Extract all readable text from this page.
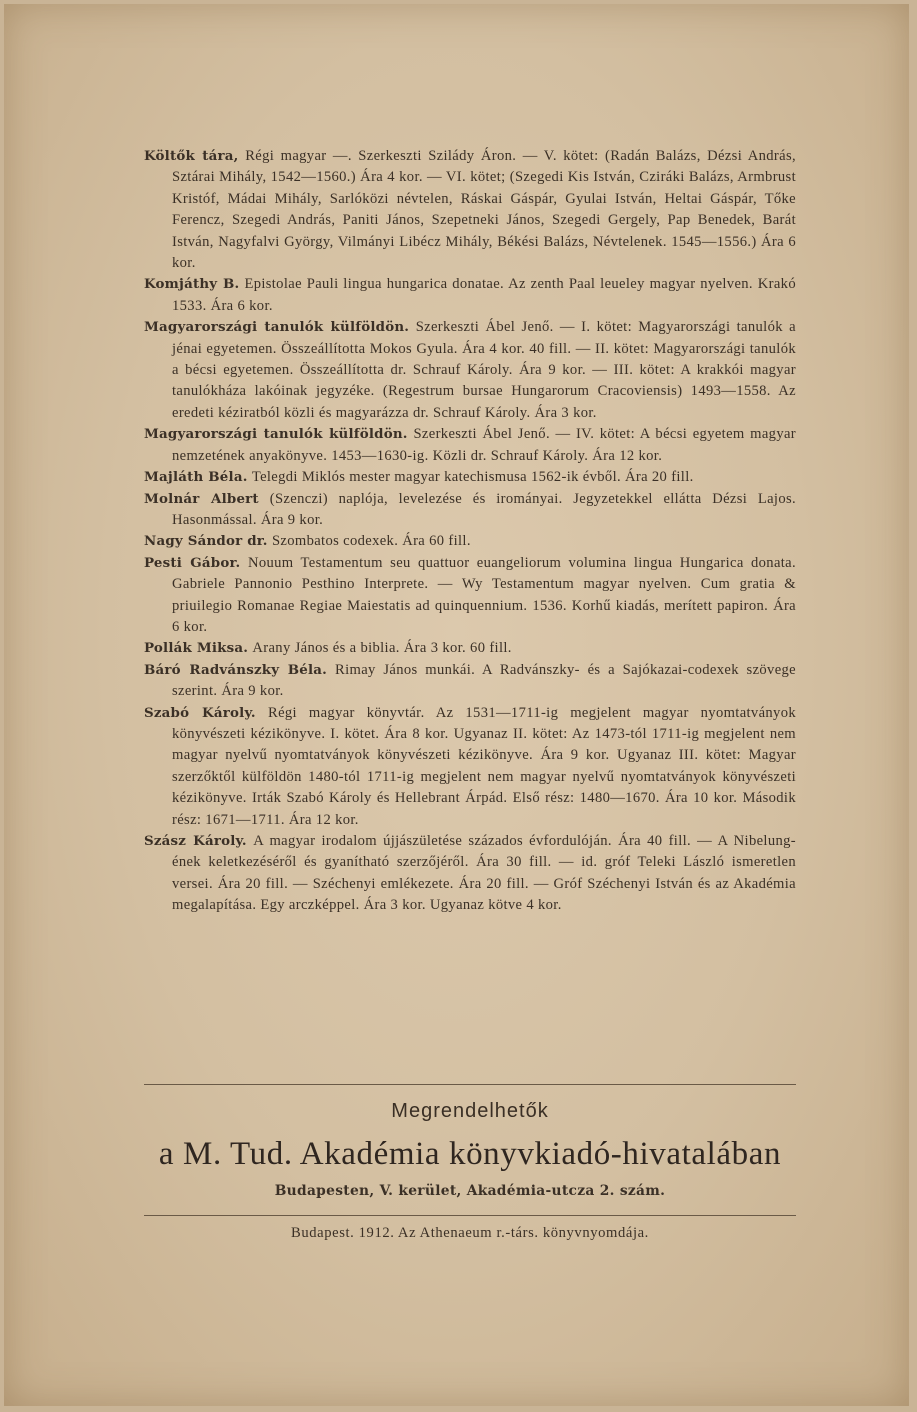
Költők tára, Régi magyar —. Szerkeszti Szilády Áron. — V. kötet: (Radán Balázs, Dézsi András, Sztárai Mihály, 1542—1560.) Ára 4 kor. — VI. kötet; (Szegedi Kis István, Cziráki Balázs, Armbrust Kristóf, Mádai Mihály, Sarlóközi névtelen, Ráskai Gáspár, Gyulai István, Heltai Gáspár, Tőke Ferencz, Szegedi András, Paniti János, Szepetneki János, Szegedi Gergely, Pap Benedek, Barát István, Nagyfalvi György, Vilmányi Libécz Mihály, Békési Balázs, Névtelenek. 1545—1556.) Ára 6 kor.

Komjáthy B. Epistolae Pauli lingua hungarica donatae. Az zenth Paal leueley magyar nyelven. Krakó 1533. Ára 6 kor.

Magyarországi tanulók külföldön. Szerkeszti Ábel Jenő. — I. kötet: Magyarországi tanulók a jénai egyetemen. Összeállította Mokos Gyula. Ára 4 kor. 40 fill. — II. kötet: Magyarországi tanulók a bécsi egyetemen. Összeállította dr. Schrauf Károly. Ára 9 kor. — III. kötet: A krakkói magyar tanulókháza lakóinak jegyzéke. (Regestrum bursae Hungarorum Cracoviensis) 1493—1558. Az eredeti kéziratból közli és magyarázza dr. Schrauf Károly. Ára 3 kor.

Magyarországi tanulók külföldön. Szerkeszti Ábel Jenő. — IV. kötet: A bécsi egyetem magyar nemzetének anyakönyve. 1453—1630-ig. Közli dr. Schrauf Károly. Ára 12 kor.

Majláth Béla. Telegdi Miklós mester magyar katechismusa 1562-ik évből. Ára 20 fill.

Molnár Albert (Szenczi) naplója, levelezése és irományai. Jegyzetekkel ellátta Dézsi Lajos. Hasonmással. Ára 9 kor.

Nagy Sándor dr. Szombatos codexek. Ára 60 fill.

Pesti Gábor. Nouum Testamentum seu quattuor euangeliorum volumina lingua Hungarica donata. Gabriele Pannonio Pesthino Interprete. — Wy Testamentum magyar nyelven. Cum gratia & priuilegio Romanae Regiae Maiestatis ad quinquennium. 1536. Korhű kiadás, merített papiron. Ára 6 kor.

Pollák Miksa. Arany János és a biblia. Ára 3 kor. 60 fill.

Báró Radvánszky Béla. Rimay János munkái. A Radvánszky- és a Sajókazai-codexek szövege szerint. Ára 9 kor.

Szabó Károly. Régi magyar könyvtár. Az 1531—1711-ig megjelent magyar nyomtatványok könyvészeti kézikönyve. I. kötet. Ára 8 kor. Ugyanaz II. kötet: Az 1473-tól 1711-ig megjelent nem magyar nyelvű nyomtatványok könyvészeti kézikönyve. Ára 9 kor. Ugyanaz III. kötet: Magyar szerzőktől külföldön 1480-tól 1711-ig megjelent nem magyar nyelvű nyomtatványok könyvészeti kézikönyve. Irták Szabó Károly és Hellebrant Árpád. Első rész: 1480—1670. Ára 10 kor. Második rész: 1671—1711. Ára 12 kor.

Szász Károly. A magyar irodalom újjászületése százados évfordulóján. Ára 40 fill. — A Nibelung-ének keletkezéséről és gyanítható szerzőjéről. Ára 30 fill. — id. gróf Teleki László ismeretlen versei. Ára 20 fill. — Széchenyi emlékezete. Ára 20 fill. — Gróf Széchenyi István és az Akadémia megalapítása. Egy arczképpel. Ára 3 kor. Ugyanaz kötve 4 kor.

Megrendelhetők
a M. Tud. Akadémia könyvkiadó-hivatalában
Budapesten, V. kerület, Akadémia-utcza 2. szám.
Budapest. 1912. Az Athenaeum r.-társ. könyvnyomdája.
